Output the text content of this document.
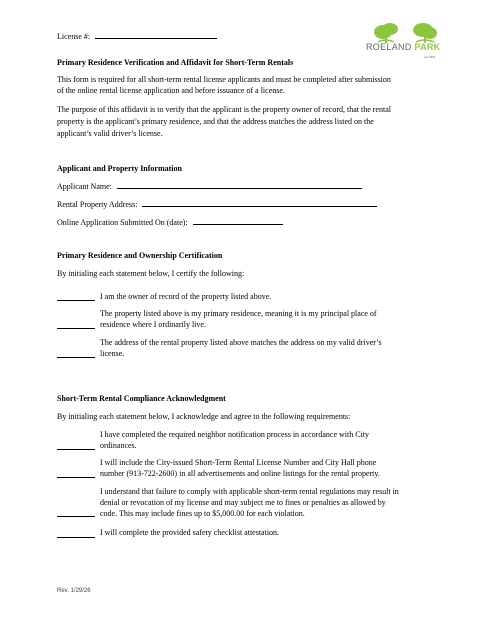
License #:
ROELAND PARK
est 1951
Primary Residence Verification and Affidavit for Short-Term Rentals
This form is required for all short-term rental license applicants and must be completed after submission
of the online rental license application and before issuance of a license.
The purpose of this affidavit is to verify that the applicant is the property owner of record, that the rental
property is the applicant’s primary residence, and that the address matches the address listed on the
applicant’s valid driver’s license.
Applicant and Property Information
Applicant Name:
Rental Property Address:
Online Application Submitted On (date):
Primary Residence and Ownership Certification
By initialing each statement below, I certify the following:
I am the owner of record of the property listed above.
The property listed above is my primary residence, meaning it is my principal place of
residence where I ordinarily live.
The address of the rental property listed above matches the address on my valid driver’s
license.
Short-Term Rental Compliance Acknowledgment
By initialing each statement below, I acknowledge and agree to the following requirements:
I have completed the required neighbor notification process in accordance with City
ordinances.
I will include the City-issued Short-Term Rental License Number and City Hall phone
number (913-722-2600) in all advertisements and online listings for the rental property.
I understand that failure to comply with applicable short-term rental regulations may result in
denial or revocation of my license and may subject me to fines or penalties as allowed by
code. This may include fines up to $5,000.00 for each violation.
I will complete the provided safety checklist attestation.
Rev. 1/29/26
